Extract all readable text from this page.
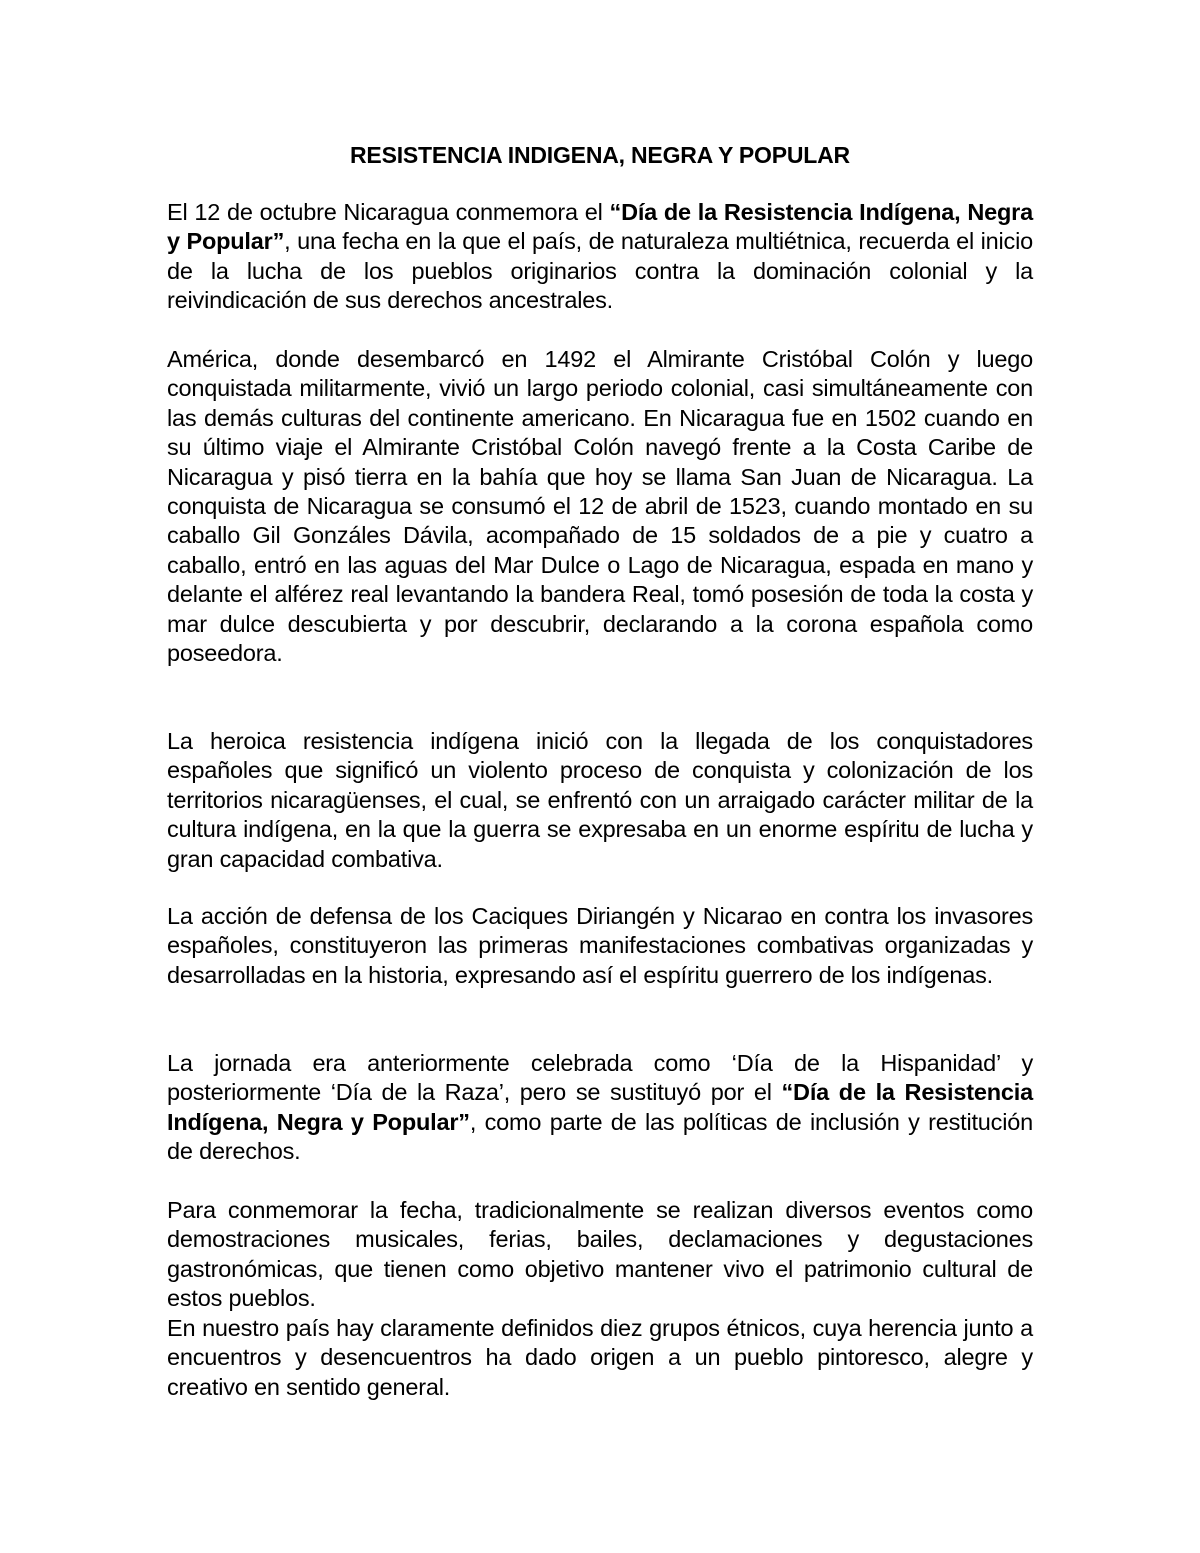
RESISTENCIA INDIGENA, NEGRA Y POPULAR

El 12 de octubre Nicaragua conmemora el “Día de la Resistencia Indígena, Negra y Popular”, una fecha en la que el país, de naturaleza multiétnica, recuerda el inicio de la lucha de los pueblos originarios contra la dominación colonial y la reivindicación de sus derechos ancestrales.

América, donde desembarcó en 1492 el Almirante Cristóbal Colón y luego conquistada militarmente, vivió un largo periodo colonial, casi simultáneamente con las demás culturas del continente americano. En Nicaragua fue en 1502 cuando en su último viaje el Almirante Cristóbal Colón navegó frente a la Costa Caribe de Nicaragua y pisó tierra en la bahía que hoy se llama San Juan de Nicaragua. La conquista de Nicaragua se consumó el 12 de abril de 1523, cuando montado en su caballo Gil Gonzáles Dávila, acompañado de 15 soldados de a pie y cuatro a caballo, entró en las aguas del Mar Dulce o Lago de Nicaragua, espada en mano y delante el alférez real levantando la bandera Real, tomó posesión de toda la costa y mar dulce descubierta y por descubrir, declarando a la corona española como poseedora.

La heroica resistencia indígena inició con la llegada de los conquistadores españoles que significó un violento proceso de conquista y colonización de los territorios nicaragüenses, el cual, se enfrentó con un arraigado carácter militar de la cultura indígena, en la que la guerra se expresaba en un enorme espíritu de lucha y gran capacidad combativa.

La acción de defensa de los Caciques Diriangén y Nicarao en contra los invasores españoles, constituyeron las primeras manifestaciones combativas organizadas y desarrolladas en la historia, expresando así el espíritu guerrero de los indígenas.

La jornada era anteriormente celebrada como ‘Día de la Hispanidad’ y posteriormente ‘Día de la Raza’, pero se sustituyó por el “Día de la Resistencia Indígena, Negra y Popular”, como parte de las políticas de inclusión y restitución de derechos.

Para conmemorar la fecha, tradicionalmente se realizan diversos eventos como demostraciones musicales, ferias, bailes, declamaciones y degustaciones gastronómicas, que tienen como objetivo mantener vivo el patrimonio cultural de estos pueblos.

En nuestro país hay claramente definidos diez grupos étnicos, cuya herencia junto a encuentros y desencuentros ha dado origen a un pueblo pintoresco, alegre y creativo en sentido general.
